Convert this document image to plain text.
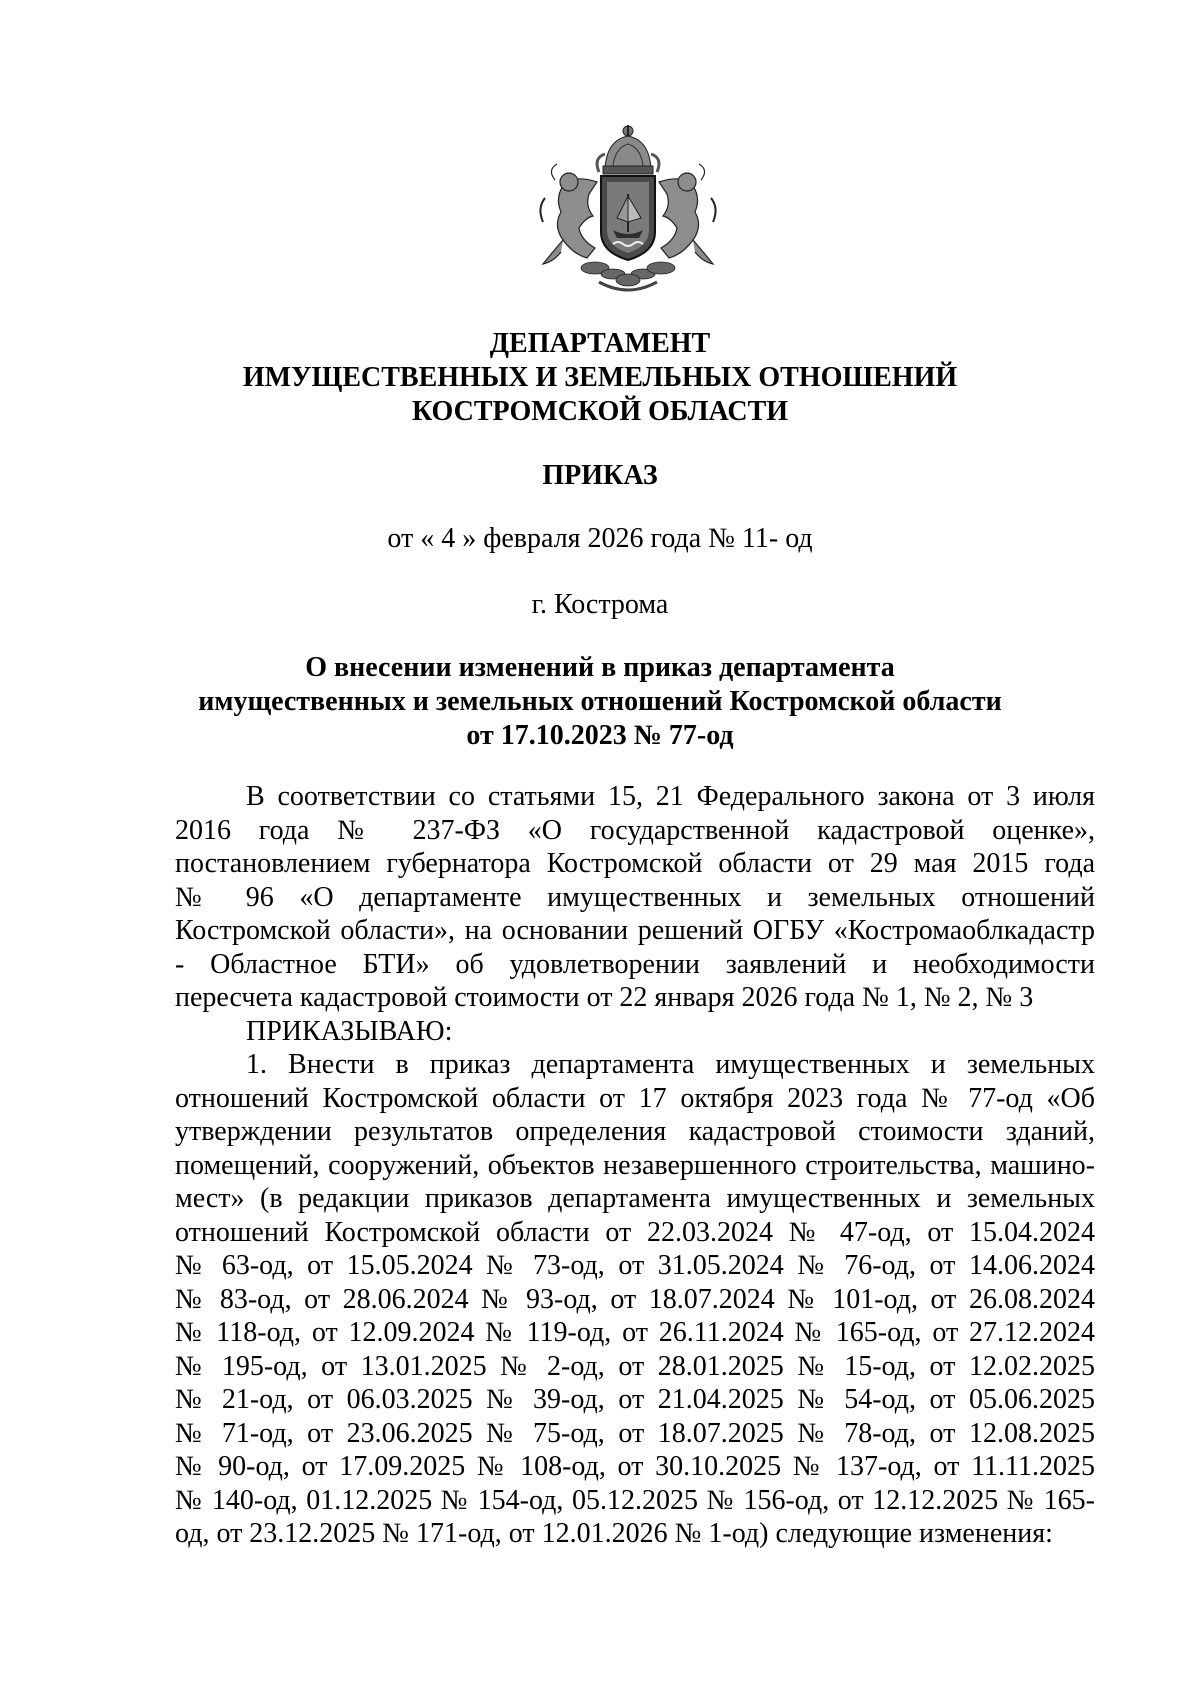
ДЕПАРТАМЕНТ
ИМУЩЕСТВЕННЫХ И ЗЕМЕЛЬНЫХ ОТНОШЕНИЙ
КОСТРОМСКОЙ ОБЛАСТИ
ПРИКАЗ
от « 4 » февраля 2026 года № 11- од
г. Кострома
О внесении изменений в приказ департамента
имущественных и земельных отношений Костромской области
от 17.10.2023 № 77-од
В соответствии со статьями 15, 21 Федерального закона от 3 июля
2016 года № 237-ФЗ «О государственной кадастровой оценке»,
постановлением губернатора Костромской области от 29 мая 2015 года
№ 96 «О департаменте имущественных и земельных отношений
Костромской области», на основании решений ОГБУ «Костромаоблкадастр
- Областное БТИ» об удовлетворении заявлений и необходимости
пересчета кадастровой стоимости от 22 января 2026 года № 1, № 2, № 3
ПРИКАЗЫВАЮ:
1. Внести в приказ департамента имущественных и земельных
отношений Костромской области от 17 октября 2023 года № 77-од «Об
утверждении результатов определения кадастровой стоимости зданий,
помещений, сооружений, объектов незавершенного строительства, машино-
мест» (в редакции приказов департамента имущественных и земельных
отношений Костромской области от 22.03.2024 № 47-од, от 15.04.2024
№ 63-од, от 15.05.2024 № 73-од, от 31.05.2024 № 76-од, от 14.06.2024
№ 83-од, от 28.06.2024 № 93-од, от 18.07.2024 № 101-од, от 26.08.2024
№ 118-од, от 12.09.2024 № 119-од, от 26.11.2024 № 165-од, от 27.12.2024
№ 195-од, от 13.01.2025 № 2-од, от 28.01.2025 № 15-од, от 12.02.2025
№ 21-од, от 06.03.2025 № 39-од, от 21.04.2025 № 54-од, от 05.06.2025
№ 71-од, от 23.06.2025 № 75-од, от 18.07.2025 № 78-од, от 12.08.2025
№ 90-од, от 17.09.2025 № 108-од, от 30.10.2025 № 137-од, от 11.11.2025
№ 140-од, 01.12.2025 № 154-од, 05.12.2025 № 156-од, от 12.12.2025 № 165-
од, от 23.12.2025 № 171-од, от 12.01.2026 № 1-од) следующие изменения:
